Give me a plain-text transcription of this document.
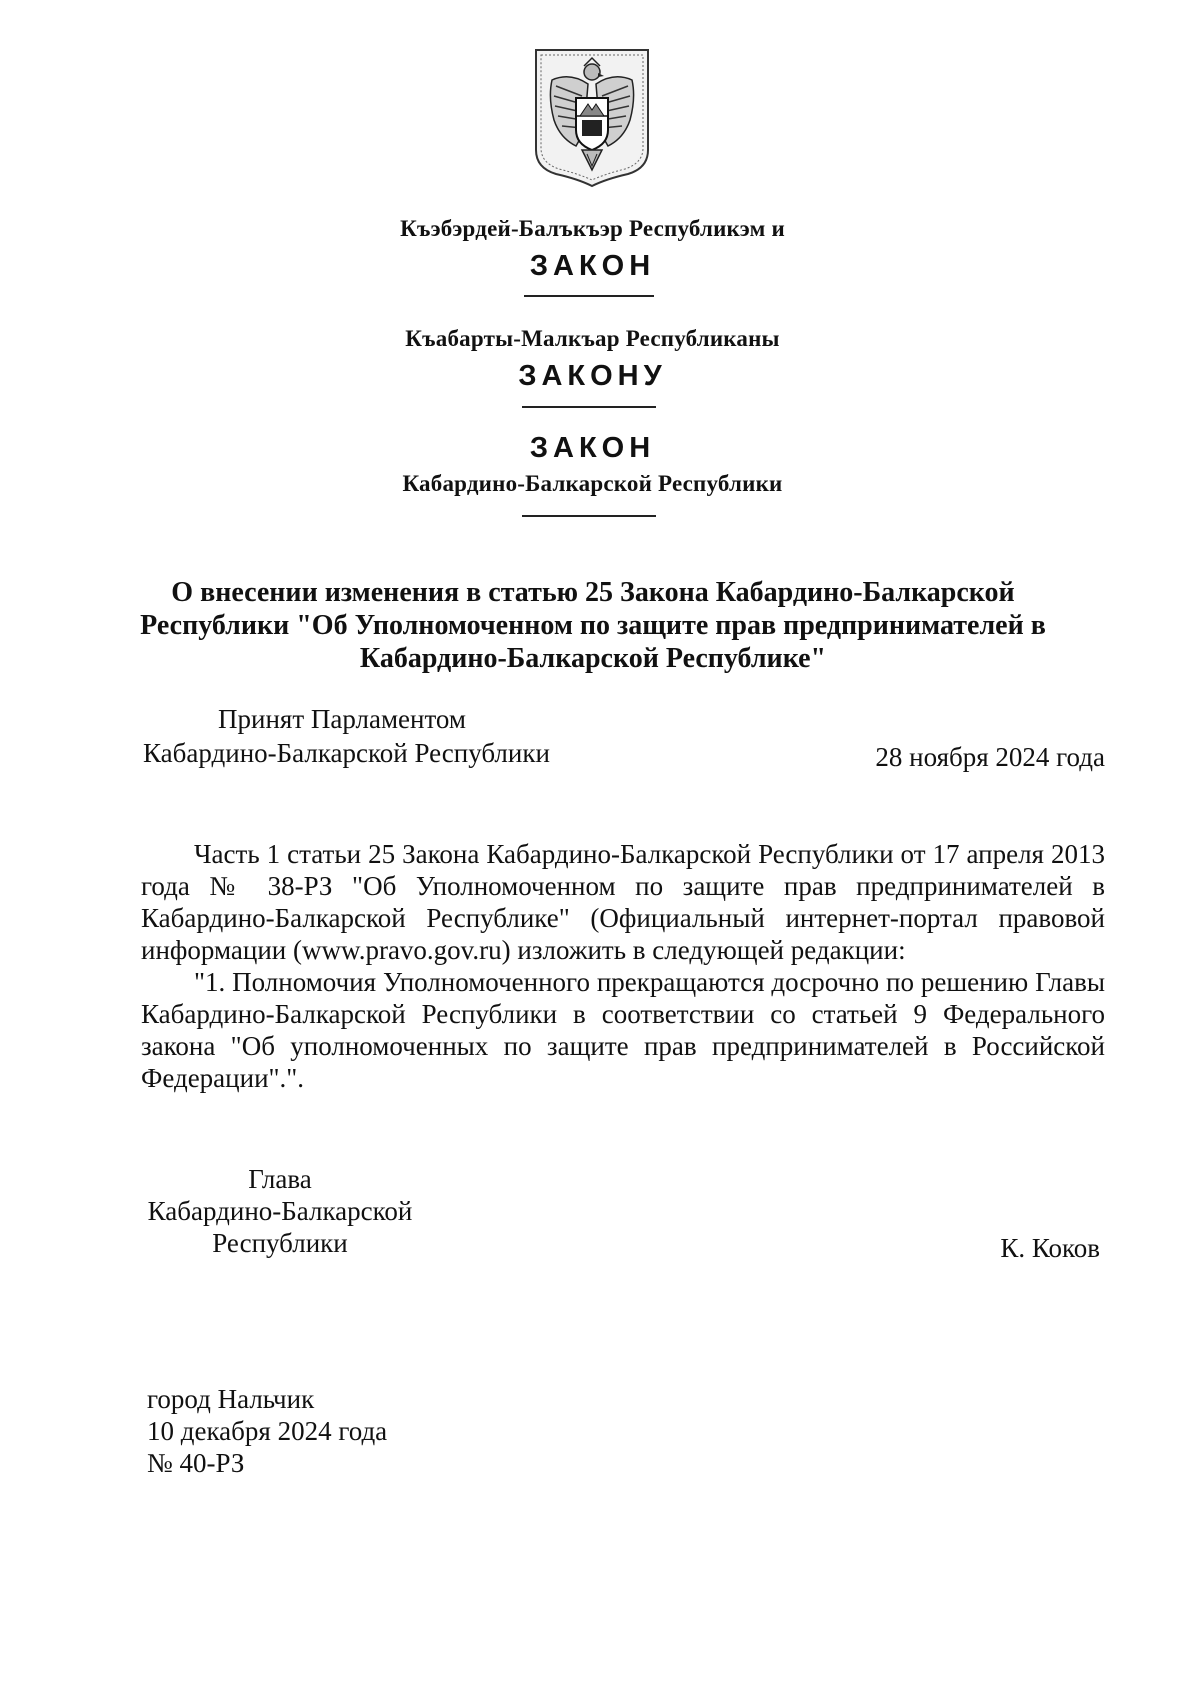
Къэбэрдей-Балъкъэр Республикэм и
ЗАКОН
Къабарты-Малкъар Республиканы
ЗАКОНУ
ЗАКОН
Кабардино-Балкарской Республики
О внесении изменения в статью 25 Закона Кабардино-Балкарской Республики "Об Уполномоченном по защите прав предпринимателей в Кабардино-Балкарской Республике"
Принят Парламентом
Кабардино-Балкарской Республики	28 ноября 2024 года

Часть 1 статьи 25 Закона Кабардино-Балкарской Республики от 17 апреля 2013 года № 38-РЗ "Об Уполномоченном по защите прав предпринимателей в Кабардино-Балкарской Республике" (Официальный интернет-портал правовой информации (www.pravo.gov.ru) изложить в следующей редакции:

"1. Полномочия Уполномоченного прекращаются досрочно по решению Главы Кабардино-Балкарской Республики в соответствии со статьей 9 Федерального закона "Об уполномоченных по защите прав предпринимателей в Российской Федерации".".

Глава
Кабардино-Балкарской
Республики	К. Коков
город Нальчик
10 декабря 2024 года
№ 40-РЗ
